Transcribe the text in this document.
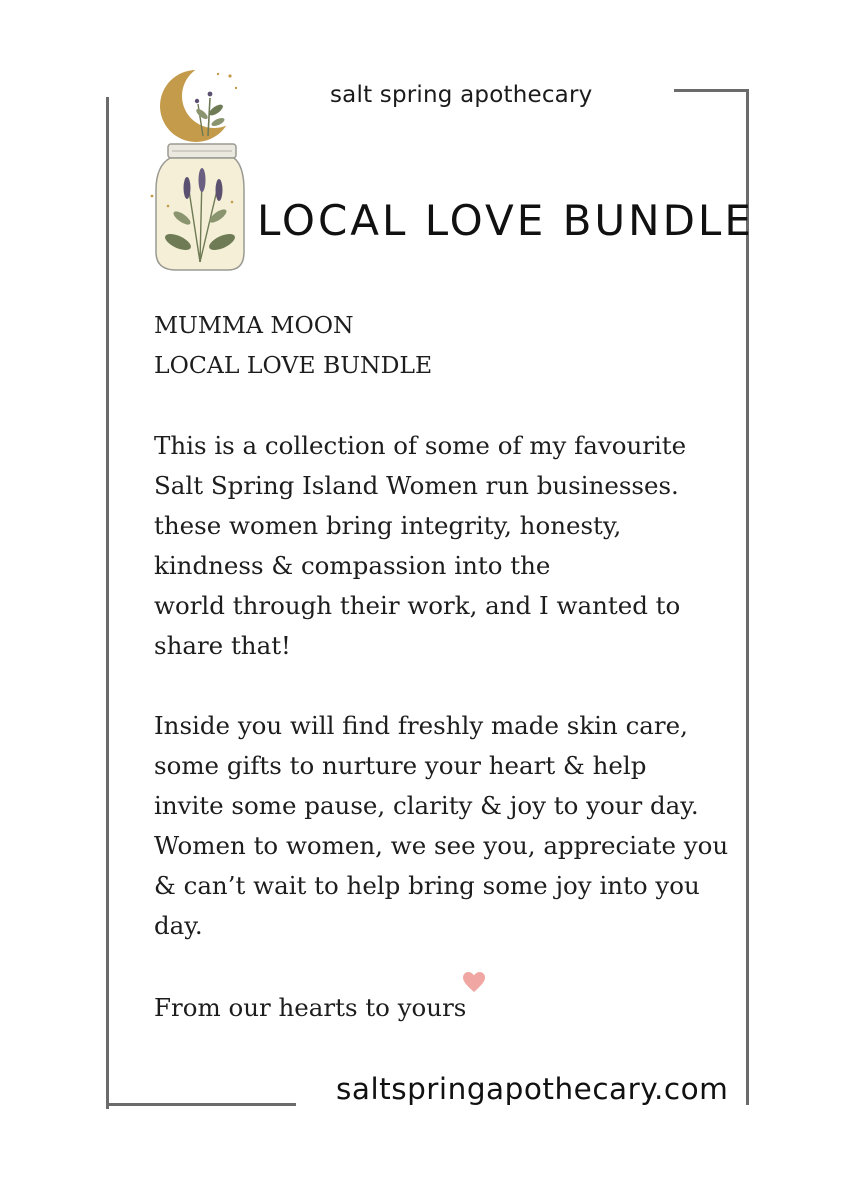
salt spring apothecary
LOCAL LOVE BUNDLE
MUMMA MOON
LOCAL LOVE BUNDLE
This is a collection of some of my favourite
Salt Spring Island Women run businesses.
these women bring integrity, honesty,
kindness & compassion into the
world through their work, and I wanted to
share that!
Inside you will find freshly made skin care,
some gifts to nurture your heart & help
invite some pause, clarity & joy to your day.
Women to women, we see you, appreciate you
& can’t wait to help bring some joy into you
day.
From our hearts to yours
saltspringapothecary.com
